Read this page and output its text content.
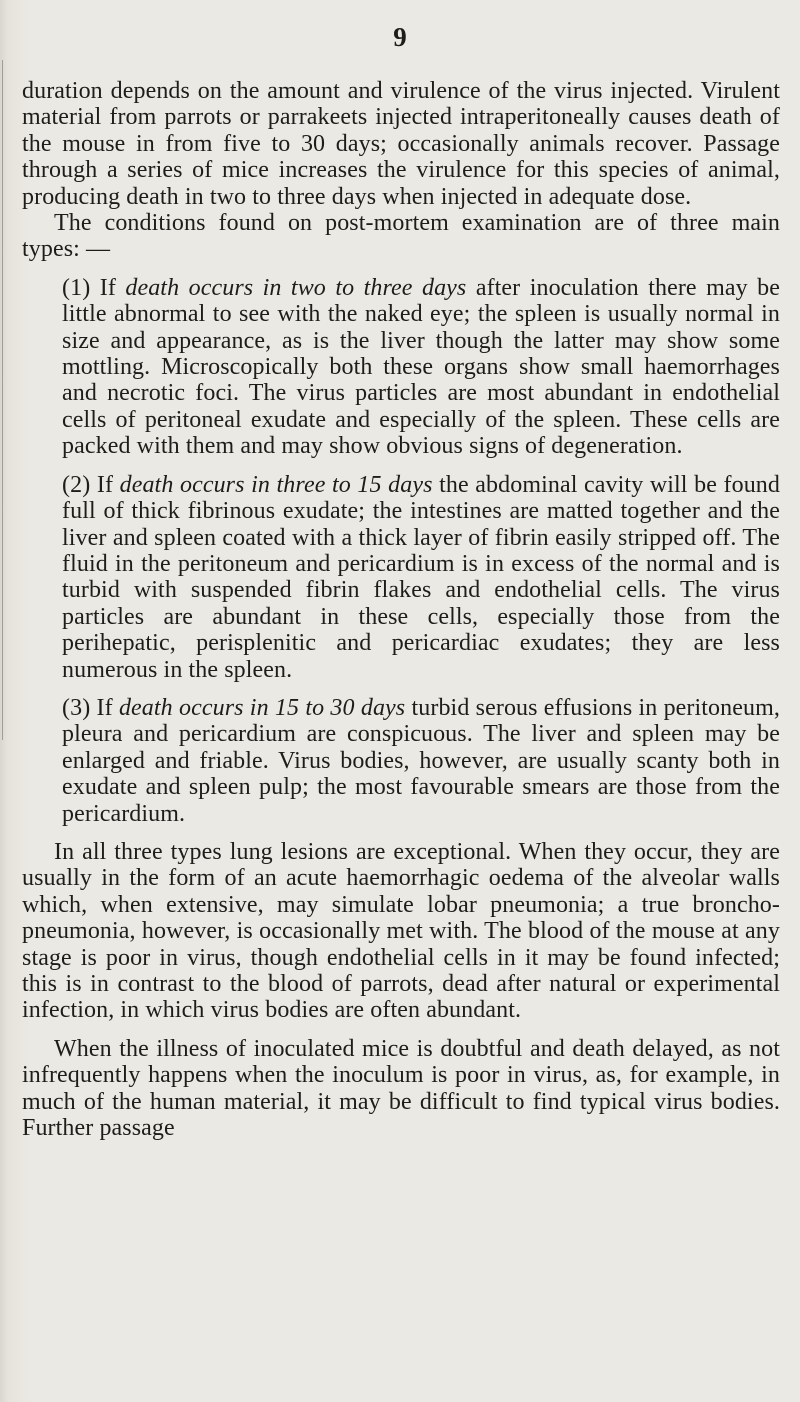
9

duration depends on the amount and virulence of the virus injected. Virulent material from parrots or parrakeets injected intraperitoneally causes death of the mouse in from five to 30 days; occasionally animals recover. Passage through a series of mice increases the virulence for this species of animal, producing death in two to three days when injected in adequate dose.

The conditions found on post-mortem examination are of three main types: —

(1) If death occurs in two to three days after inoculation there may be little abnormal to see with the naked eye; the spleen is usually normal in size and appearance, as is the liver though the latter may show some mottling. Microscopically both these organs show small haemorrhages and necrotic foci. The virus particles are most abundant in endothelial cells of peritoneal exudate and especially of the spleen. These cells are packed with them and may show obvious signs of degeneration.

(2) If death occurs in three to 15 days the abdominal cavity will be found full of thick fibrinous exudate; the intestines are matted together and the liver and spleen coated with a thick layer of fibrin easily stripped off. The fluid in the peritoneum and pericardium is in excess of the normal and is turbid with suspended fibrin flakes and endothelial cells. The virus particles are abundant in these cells, especially those from the perihepatic, perisplenitic and pericardiac exudates; they are less numerous in the spleen.

(3) If death occurs in 15 to 30 days turbid serous effusions in peritoneum, pleura and pericardium are conspicuous. The liver and spleen may be enlarged and friable. Virus bodies, however, are usually scanty both in exudate and spleen pulp; the most favourable smears are those from the pericardium.

In all three types lung lesions are exceptional. When they occur, they are usually in the form of an acute haemorrhagic oedema of the alveolar walls which, when extensive, may simulate lobar pneumonia; a true broncho-pneumonia, however, is occasionally met with. The blood of the mouse at any stage is poor in virus, though endothelial cells in it may be found infected; this is in contrast to the blood of parrots, dead after natural or experimental infection, in which virus bodies are often abundant.

When the illness of inoculated mice is doubtful and death delayed, as not infrequently happens when the inoculum is poor in virus, as, for example, in much of the human material, it may be difficult to find typical virus bodies. Further passage
